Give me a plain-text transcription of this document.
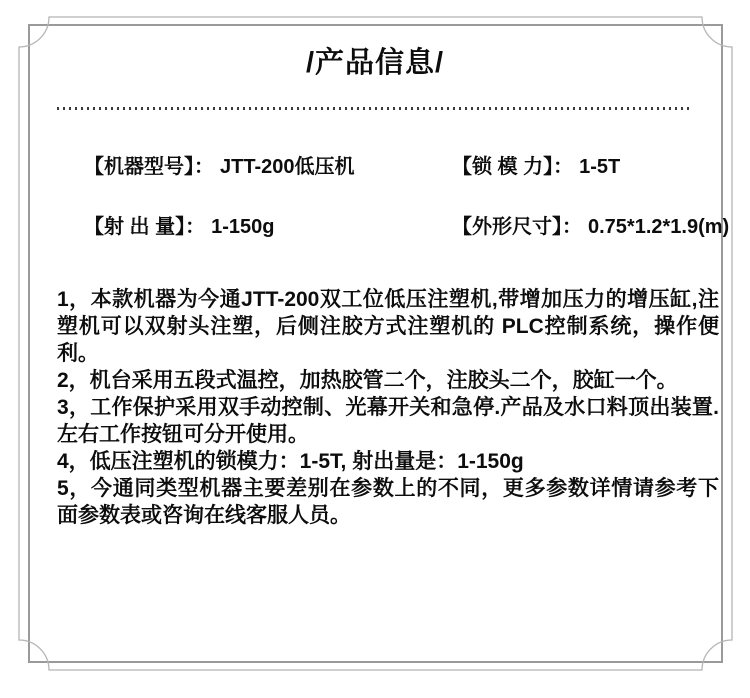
/产品信息/
【机器型号】： JTT-200低压机	【锁 模 力】： 1-5T
【射 出 量】： 1-150g	【外形尺寸】： 0.75*1.2*1.9(m)

1，本款机器为今通JTT-200双工位低压注塑机,带增加压力的增压缸,注塑机可以双射头注塑，后侧注胶方式注塑机的 PLC控制系统，操作便利。

2，机台采用五段式温控，加热胶管二个，注胶头二个，胶缸一个。

3，工作保护采用双手动控制、光幕开关和急停.产品及水口料顶出装置.左右工作按钮可分开使用。

4，低压注塑机的锁模力：1-5T, 射出量是：1-150g

5，今通同类型机器主要差别在参数上的不同，更多参数详情请参考下面参数表或咨询在线客服人员。
